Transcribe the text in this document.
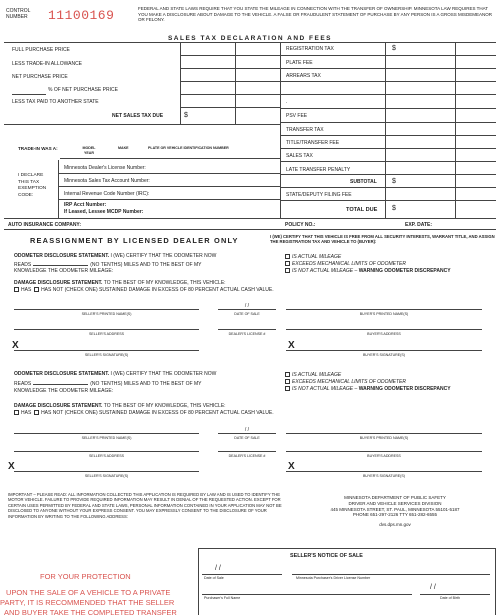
CONTROL NUMBER	11100169	FEDERAL AND STATE LAWS REQUIRE THAT YOU STATE THE MILEAGE IN CONNECTION WITH THE TRANSFER OF OWNERSHIP. MINNESOTA LAW REQUIRES THAT YOU MAKE A DISCLOSURE ABOUT DAMAGE TO THE VEHICLE. A FALSE OR FRAUDULENT STATEMENT OF PURCHASE BY ANY PERSON IS A GROSS MISDEMEANOR OR FELONY.
SALES TAX DECLARATION AND FEES
FULL PURCHASE PRICE
LESS TRADE-IN ALLOWANCE
NET PURCHASE PRICE
% OF NET PURCHASE PRICE
LESS TAX PAID TO ANOTHER STATE
NET SALES TAX DUE	$
REGISTRATION TAX	$
PLATE FEE
ARREARS TAX
.
PSV FEE
TRANSFER TAX
TITLE/TRANSFER FEE
SALES TAX
LATE TRANSFER PENALTY
SUBTOTAL $
STATE/DEPUTY FILING FEE
TOTAL DUE $
TRADE-IN WAS A:	MODEL YEAR
MAKE	PLATE OR VEHICLE IDENTIFICATION NUMBER
I DECLARE THIS TAX EXEMPTION CODE:
Minnesota Dealer's License Number:
Minnesota Sales Tax Account Number:
Internal Revenue Code Number (IRC):
IRP Acct Number:
If Leased, Lessee MCDP Number:
AUTO INSURANCE COMPANY:	POLICY NO.:	EXP. DATE:
REASSIGNMENT BY LICENSED DEALER ONLY	I (WE) CERTIFY THAT THIS VEHICLE IS FREE FROM ALL SECURITY INTERESTS, WARRANT TITLE, AND ASSIGN THE REGISTRATION TAX AND VEHICLE TO (BUYER):
ODOMETER DISCLOSURE STATEMENT. I (WE) CERTIFY THAT THE ODOMETER NOW
READS	(NO TENTHS) MILES AND TO THE BEST OF MY
KNOWLEDGE THE ODOMETER MILEAGE:
IS ACTUAL MILEAGE
EXCEEDS MECHANICAL LIMITS OF ODOMETER
IS NOT ACTUAL MILEAGE – WARNING ODOMETER DISCREPANCY
DAMAGE DISCLOSURE STATEMENT. TO THE BEST OF MY KNOWLEDGE, THIS VEHICLE:
HAS HAS NOT (CHECK ONE) SUSTAINED DAMAGE IN EXCESS OF 80 PERCENT ACTUAL CASH VALUE.
SELLER'S PRINTED NAME(S)	DATE OF SALE
/ /
BUYER'S PRINTED NAME(S)
SELLER'S ADDRESS	DEALER'S LICENSE #	BUYER'S ADDRESS
X	X
SELLER'S SIGNATURE(S)	BUYER'S SIGNATURE(S)
ODOMETER DISCLOSURE STATEMENT. I (WE) CERTIFY THAT THE ODOMETER NOW
READS	(NO TENTHS) MILES AND TO THE BEST OF MY
KNOWLEDGE THE ODOMETER MILEAGE:
IS ACTUAL MILEAGE
EXCEEDS MECHANICAL LIMITS OF ODOMETER
IS NOT ACTUAL MILEAGE – WARNING ODOMETER DISCREPANCY
DAMAGE DISCLOSURE STATEMENT. TO THE BEST OF MY KNOWLEDGE, THIS VEHICLE:
HAS HAS NOT (CHECK ONE) SUSTAINED DAMAGE IN EXCESS OF 80 PERCENT ACTUAL CASH VALUE.
SELLER'S PRINTED NAME(S)	DATE OF SALE
/ /
BUYER'S PRINTED NAME(S)
SELLER'S ADDRESS	DEALER'S LICENSE #	BUYER'S ADDRESS
X	X
SELLER'S SIGNATURE(S)	BUYER'S SIGNATURE(S)
IMPORTANT – PLEASE READ: ALL INFORMATION COLLECTED THIS APPLICATION IS REQUIRED BY LAW AND IS USED TO IDENTIFY THE MOTOR VEHICLE. FAILURE TO PROVIDE REQUIRED INFORMATION MAY RESULT IN DENIAL OF THE REQUESTED ACTION. EXCEPT FOR CERTAIN USES PERMITTED BY FEDERAL AND STATE LAWS, PERSONAL INFORMATION CONTAINED IN YOUR APPLICATION MAY NOT BE DISCLOSED TO ANYONE WITHOUT YOUR EXPRESS CONSENT. YOU MAY EXPRESSLY CONSENT TO THE DISCLOSURE OF YOUR INFORMATION BY WRITING TO THE FOLLOWING ADDRESS:
MINNESOTA DEPARTMENT OF PUBLIC SAFETY
DRIVER AND VEHICLE SERVICES DIVISION
445 MINNESOTA STREET, ST. PAUL, MINNESOTA 55101-5187
PHONE 651-297-2126 TTY 651-282-6555
dvs.dps.mn.gov
FOR YOUR PROTECTION
UPON THE SALE OF A VEHICLE TO A PRIVATE
PARTY, IT IS RECOMMENDED THAT THE SELLER
AND BUYER TAKE THE COMPLETED TRANSFER
SELLER'S NOTICE OF SALE
/ /
Date of Sale	Minnesota Purchaser's Driver License Number
/ /
Purchaser's Full Name	Date of Birth
